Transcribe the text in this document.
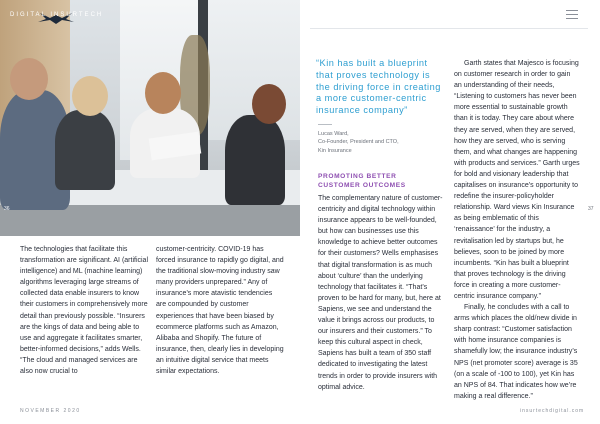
DIGITAL INSURTECH
36	37

The technologies that facilitate this transformation are significant. AI (artificial intelligence) and ML (machine learning) algorithms leveraging large streams of collected data enable insurers to know their customers in comprehensively more detail than previously possible. “Insurers are the kings of data and being able to use and aggregate it facilitates smarter, better-informed decisions,” adds Wells. “The cloud and managed services are also now crucial to

customer-centricity. COVID-19 has forced insurance to rapidly go digital, and the traditional slow-moving industry saw many providers unprepared.” Any of insurance’s more atavistic tendencies are compounded by customer experiences that have been biased by ecommerce platforms such as Amazon, Alibaba and Shopify. The future of insurance, then, clearly lies in developing an intuitive digital service that meets similar expectations.

“Kin has built a blueprint that proves technology is the driving force in creating a more customer-centric insurance company”
Lucas Ward,
Co-Founder, President and CTO,
Kin Insurance
PROMOTING BETTER
CUSTOMER OUTCOMES

The complementary nature of customer-centricity and digital technology within insurance appears to be well-founded, but how can businesses use this knowledge to achieve better outcomes for their customers? Wells emphasises that digital transformation is as much about ‘culture’ than the underlying technology that facilitates it. “That’s proven to be hard for many, but, here at Sapiens, we see and understand the value it brings across our products, to our insurers and their customers.” To keep this cultural aspect in check, Sapiens has built a team of 350 staff dedicated to investigating the latest trends in order to provide insurers with optimal advice.

Garth states that Majesco is focusing on customer research in order to gain an understanding of their needs, “Listening to customers has never been more essential to sustainable growth than it is today. They care about where they are served, when they are served, how they are served, who is serving them, and what changes are happening with products and services.” Garth urges for bold and visionary leadership that capitalises on insurance’s opportunity to redefine the insurer-policyholder relationship. Ward views Kin Insurance as being emblematic of this ‘renaissance’ for the industry, a revitalisation led by startups but, he believes, soon to be joined by more incumbents. “Kin has built a blueprint that proves technology is the driving force in creating a more customer-centric insurance company.”

Finally, he concludes with a call to arms which places the old/new divide in sharp contrast: “Customer satisfaction with home insurance companies is shamefully low; the insurance industry’s NPS (net promoter score) average is 35 (on a scale of -100 to 100), yet Kin has an NPS of 84. That indicates how we’re making a real difference.”

NOVEMBER 2020	insurtechdigital.com
